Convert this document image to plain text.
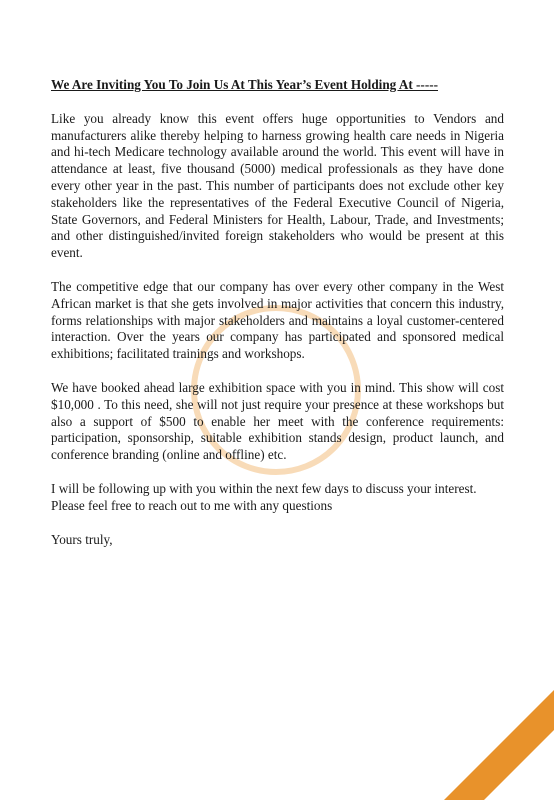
We Are Inviting You To Join Us At This Year’s Event Holding At -----
Like you already know this event offers huge opportunities to Vendors and manufacturers alike thereby helping to harness growing health care needs in Nigeria and hi-tech Medicare technology available around the world. This event will have in attendance at least, five thousand (5000) medical professionals as they have done every other year in the past. This number of participants does not exclude other key stakeholders like the representatives of the Federal Executive Council of Nigeria, State Governors, and Federal Ministers for Health, Labour, Trade, and Investments; and other distinguished/invited foreign stakeholders who would be present at this event.
The competitive edge that our company has over every other company in the West African market is that she gets involved in major activities that concern this industry, forms relationships with major stakeholders and maintains a loyal customer-centered interaction. Over the years our company has participated and sponsored medical exhibitions; facilitated trainings and workshops.
We have booked ahead large exhibition space with you in mind. This show will cost $10,000 . To this need, she will not just require your presence at these workshops but also a support of $500 to enable her meet with the conference requirements: participation, sponsorship, suitable exhibition stands design, product launch, and conference branding (online and offline) etc.
I will be following up with you within the next few days to discuss your interest. Please feel free to reach out to me with any questions
Yours truly,
